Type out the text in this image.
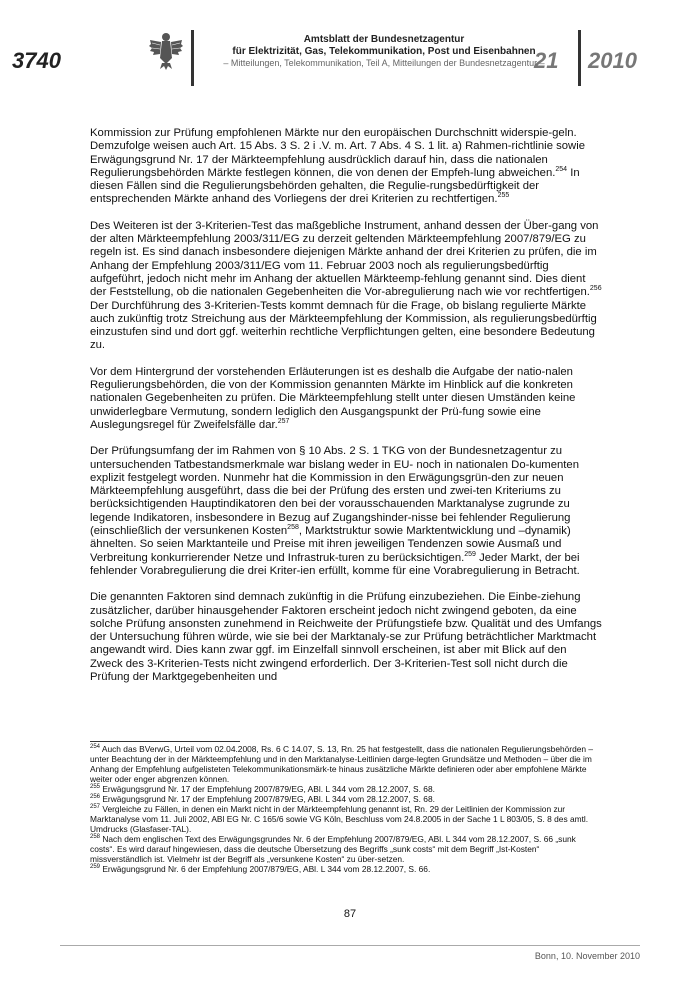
3740
Amtsblatt der Bundesnetzagentur
für Elektrizität, Gas, Telekommunikation, Post und Eisenbahnen
– Mitteilungen, Telekommunikation, Teil A, Mitteilungen der Bundesnetzagentur –
21 2010

Kommission zur Prüfung empfohlenen Märkte nur den europäischen Durchschnitt widerspie-geln. Demzufolge weisen auch Art. 15 Abs. 3 S. 2 i .V. m. Art. 7 Abs. 4 S. 1 lit. a) Rahmen-richtlinie sowie Erwägungsgrund Nr. 17 der Märkteempfehlung ausdrücklich darauf hin, dass die nationalen Regulierungsbehörden Märkte festlegen können, die von denen der Empfeh-lung abweichen.$^{254}$ In diesen Fällen sind die Regulierungsbehörden gehalten, die Regulie-rungsbedürftigkeit der entsprechenden Märkte anhand des Vorliegens der drei Kriterien zu rechtfertigen.$^{255}$

Des Weiteren ist der 3-Kriterien-Test das maßgebliche Instrument, anhand dessen der Über-gang von der alten Märkteempfehlung 2003/311/EG zu derzeit geltenden Märkteempfehlung 2007/879/EG zu regeln ist. Es sind danach insbesondere diejenigen Märkte anhand der drei Kriterien zu prüfen, die im Anhang der Empfehlung 2003/311/EG vom 11. Februar 2003 noch als regulierungsbedürftig aufgeführt, jedoch nicht mehr im Anhang der aktuellen Märkteemp-fehlung genannt sind. Dies dient der Feststellung, ob die nationalen Gegebenheiten die Vor-abregulierung nach wie vor rechtfertigen.$^{256}$ Der Durchführung des 3-Kriterien-Tests kommt demnach für die Frage, ob bislang regulierte Märkte auch zukünftig trotz Streichung aus der Märkteempfehlung der Kommission, als regulierungsbedürftig einzustufen sind und dort ggf. weiterhin rechtliche Verpflichtungen gelten, eine besondere Bedeutung zu.

Vor dem Hintergrund der vorstehenden Erläuterungen ist es deshalb die Aufgabe der natio-nalen Regulierungsbehörden, die von der Kommission genannten Märkte im Hinblick auf die konkreten nationalen Gegebenheiten zu prüfen. Die Märkteempfehlung stellt unter diesen Umständen keine unwiderlegbare Vermutung, sondern lediglich den Ausgangspunkt der Prü-fung sowie eine Auslegungsregel für Zweifelsfälle dar.$^{257}$

Der Prüfungsumfang der im Rahmen von § 10 Abs. 2 S. 1 TKG von der Bundesnetzagentur zu untersuchenden Tatbestandsmerkmale war bislang weder in EU- noch in nationalen Do-kumenten explizit festgelegt worden. Nunmehr hat die Kommission in den Erwägungsgrün-den zur neuen Märkteempfehlung ausgeführt, dass die bei der Prüfung des ersten und zwei-ten Kriteriums zu berücksichtigenden Hauptindikatoren den bei der vorausschauenden Marktanalyse zugrunde zu legende Indikatoren, insbesondere in Bezug auf Zugangshinder-nisse bei fehlender Regulierung (einschließlich der versunkenen Kosten$^{258}$, Marktstruktur sowie Marktentwicklung und –dynamik) ähnelten. So seien Marktanteile und Preise mit ihren jeweiligen Tendenzen sowie Ausmaß und Verbreitung konkurrierender Netze und Infrastruk-turen zu berücksichtigen.$^{259}$ Jeder Markt, der bei fehlender Vorabregulierung die drei Kriter-ien erfüllt, komme für eine Vorabregulierung in Betracht.

Die genannten Faktoren sind demnach zukünftig in die Prüfung einzubeziehen. Die Einbe-ziehung zusätzlicher, darüber hinausgehender Faktoren erscheint jedoch nicht zwingend geboten, da eine solche Prüfung ansonsten zunehmend in Reichweite der Prüfungstiefe bzw. Qualität und des Umfangs der Untersuchung führen würde, wie sie bei der Marktanaly-se zur Prüfung beträchtlicher Marktmacht angewandt wird. Dies kann zwar ggf. im Einzelfall sinnvoll erscheinen, ist aber mit Blick auf den Zweck des 3-Kriterien-Tests nicht zwingend erforderlich. Der 3-Kriterien-Test soll nicht durch die Prüfung der Marktgegebenheiten und

$^{254}$ Auch das BVerwG, Urteil vom 02.04.2008, Rs. 6 C 14.07, S. 13, Rn. 25 hat festgestellt, dass die nationalen Regulierungsbehörden – unter Beachtung der in der Märkteempfehlung und in den Marktanalyse-Leitlinien darge-legten Grundsätze und Methoden – über die im Anhang der Empfehlung aufgelisteten Telekommunikationsmärk-te hinaus zusätzliche Märkte definieren oder aber empfohlene Märkte weiter oder enger abgrenzen können.
$^{255}$ Erwägungsgrund Nr. 17 der Empfehlung 2007/879/EG, ABl. L 344 vom 28.12.2007, S. 68.
$^{256}$ Erwägungsgrund Nr. 17 der Empfehlung 2007/879/EG, ABl. L 344 vom 28.12.2007, S. 68.
$^{257}$ Vergleiche zu Fällen, in denen ein Markt nicht in der Märkteempfehlung genannt ist, Rn. 29 der Leitlinien der Kommission zur Marktanalyse vom 11. Juli 2002, ABl EG Nr. C 165/6 sowie VG Köln, Beschluss vom 24.8.2005 in der Sache 1 L 803/05, S. 8 des amtl. Umdrucks (Glasfaser-TAL).
$^{258}$ Nach dem englischen Text des Erwägungsgrundes Nr. 6 der Empfehlung 2007/879/EG, ABl. L 344 vom 28.12.2007, S. 66 „sunk costs“. Es wird darauf hingewiesen, dass die deutsche Übersetzung des Begriffs „sunk costs“ mit dem Begriff „Ist-Kosten“ missverständlich ist. Vielmehr ist der Begriff als „versunkene Kosten“ zu über-setzen.
$^{259}$ Erwägungsgrund Nr. 6 der Empfehlung 2007/879/EG, ABl. L 344 vom 28.12.2007, S. 66.
87
Bonn, 10. November 2010
